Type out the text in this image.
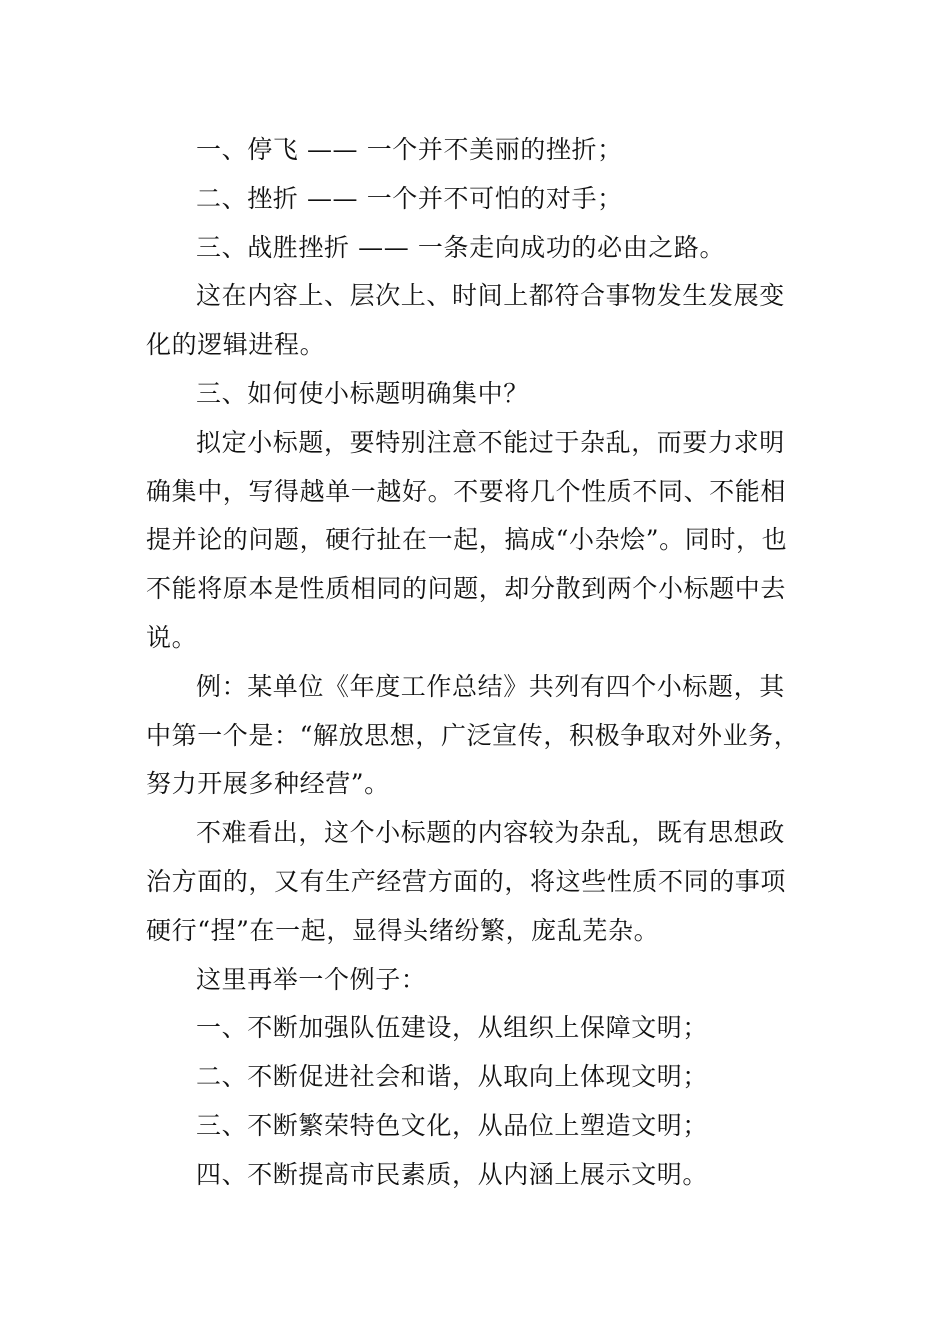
一、停飞 —— 一个并不美丽的挫折；

二、挫折 —— 一个并不可怕的对手；

三、战胜挫折 —— 一条走向成功的必由之路。

这在内容上、层次上、时间上都符合事物发生发展变化的逻辑进程。

三、如何使小标题明确集中？

拟定小标题，要特别注意不能过于杂乱，而要力求明确集中，写得越单一越好。不要将几个性质不同、不能相提并论的问题，硬行扯在一起，搞成“小杂烩”。同时，也不能将原本是性质相同的问题，却分散到两个小标题中去说。

例：某单位《年度工作总结》共列有四个小标题，其中第一个是：“解放思想，广泛宣传，积极争取对外业务，努力开展多种经营”。

不难看出，这个小标题的内容较为杂乱，既有思想政治方面的，又有生产经营方面的，将这些性质不同的事项硬行“捏”在一起，显得头绪纷繁，庞乱芜杂。

这里再举一个例子：

一、不断加强队伍建设，从组织上保障文明；

二、不断促进社会和谐，从取向上体现文明；

三、不断繁荣特色文化，从品位上塑造文明；

四、不断提高市民素质，从内涵上展示文明。
